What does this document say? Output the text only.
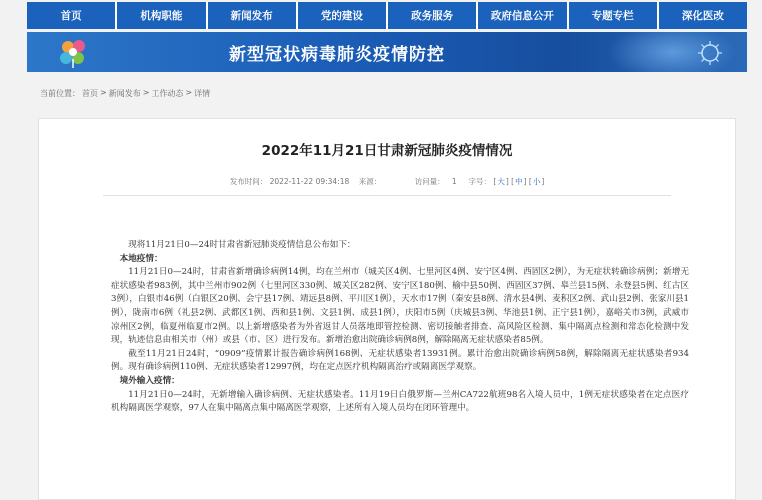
首页	机构职能	新闻发布	党的建设	政务服务	政府信息公开	专题专栏	深化医改
新型冠状病毒肺炎疫情防控
当前位置： 首页 > 新闻发布 > 工作动态 > 详情
2022年11月21日甘肃新冠肺炎疫情情况
发布时间： 2022-11-22 09:34:18 来源：	访问量： 1 字号： [大] [中] [小]

现将11月21日0—24时甘肃省新冠肺炎疫情信息公布如下：

本地疫情：

11月21日0—24时，甘肃省新增确诊病例14例，均在兰州市（城关区4例、七里河区4例、安宁区4例、西固区2例），为无症状转确诊病例；新增无症状感染者983例，其中兰州市902例（七里河区330例、城关区282例、安宁区180例、榆中县50例、西固区37例、皋兰县15例、永登县5例、红古区3例），白银市46例（白银区20例、会宁县17例、靖远县8例、平川区1例），天水市17例（秦安县8例、清水县4例、麦积区2例、武山县2例、张家川县1例），陇南市6例（礼县2例、武都区1例、西和县1例、文县1例、成县1例），庆阳市5例（庆城县3例、华池县1例、正宁县1例），嘉峪关市3例，武威市凉州区2例，临夏州临夏市2例。以上新增感染者为外省返甘人员落地即管控检测、密切接触者排查、高风险区检测、集中隔离点检测和常态化检测中发现，轨迹信息由相关市（州）或县（市、区）进行发布。新增治愈出院确诊病例8例，解除隔离无症状感染者85例。

截至11月21日24时，“0909”疫情累计报告确诊病例168例、无症状感染者13931例。累计治愈出院确诊病例58例，解除隔离无症状感染者934例。现有确诊病例110例、无症状感染者12997例，均在定点医疗机构隔离治疗或隔离医学观察。

境外输入疫情：

11月21日0—24时，无新增输入确诊病例、无症状感染者。11月19日白俄罗斯—兰州CA722航班98名入境人员中，1例无症状感染者在定点医疗机构隔离医学观察，97人在集中隔离点集中隔离医学观察，上述所有入境人员均在闭环管理中。
